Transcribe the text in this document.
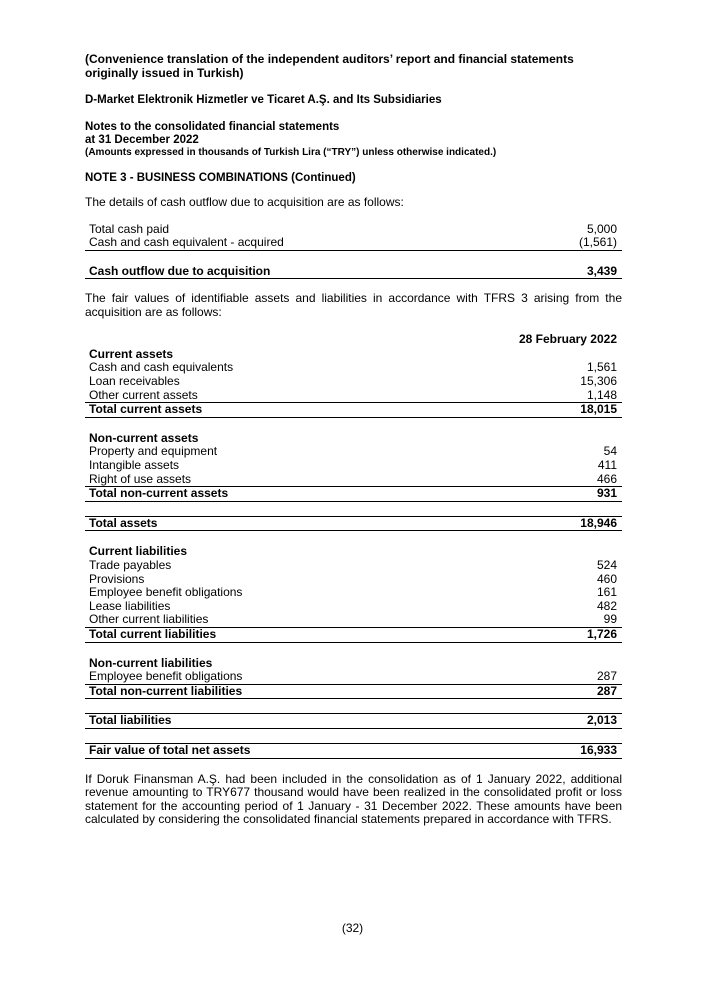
(Convenience translation of the independent auditors’ report and financial statements originally issued in Turkish)
D-Market Elektronik Hizmetler ve Ticaret A.Ş. and Its Subsidiaries
Notes to the consolidated financial statements
at 31 December 2022
(Amounts expressed in thousands of Turkish Lira (“TRY”) unless otherwise indicated.)
NOTE 3 - BUSINESS COMBINATIONS (Continued)
The details of cash outflow due to acquisition are as follows:
Total cash paid	5,000
Cash and cash equivalent - acquired	(1,561)
Cash outflow due to acquisition	3,439
The fair values of identifiable assets and liabilities in accordance with TFRS 3 arising from the acquisition are as follows:
28 February 2022
Current assets
Cash and cash equivalents	1,561
Loan receivables	15,306
Other current assets	1,148
Total current assets	18,015
Non-current assets
Property and equipment	54
Intangible assets	411
Right of use assets	466
Total non-current assets	931
Total assets	18,946
Current liabilities
Trade payables	524
Provisions	460
Employee benefit obligations	161
Lease liabilities	482
Other current liabilities	99
Total current liabilities	1,726
Non-current liabilities
Employee benefit obligations	287
Total non-current liabilities	287
Total liabilities	2,013
Fair value of total net assets	16,933
If Doruk Finansman A.Ş. had been included in the consolidation as of 1 January 2022, additional revenue amounting to TRY677 thousand would have been realized in the consolidated profit or loss statement for the accounting period of 1 January - 31 December 2022. These amounts have been calculated by considering the consolidated financial statements prepared in accordance with TFRS.
(32)
